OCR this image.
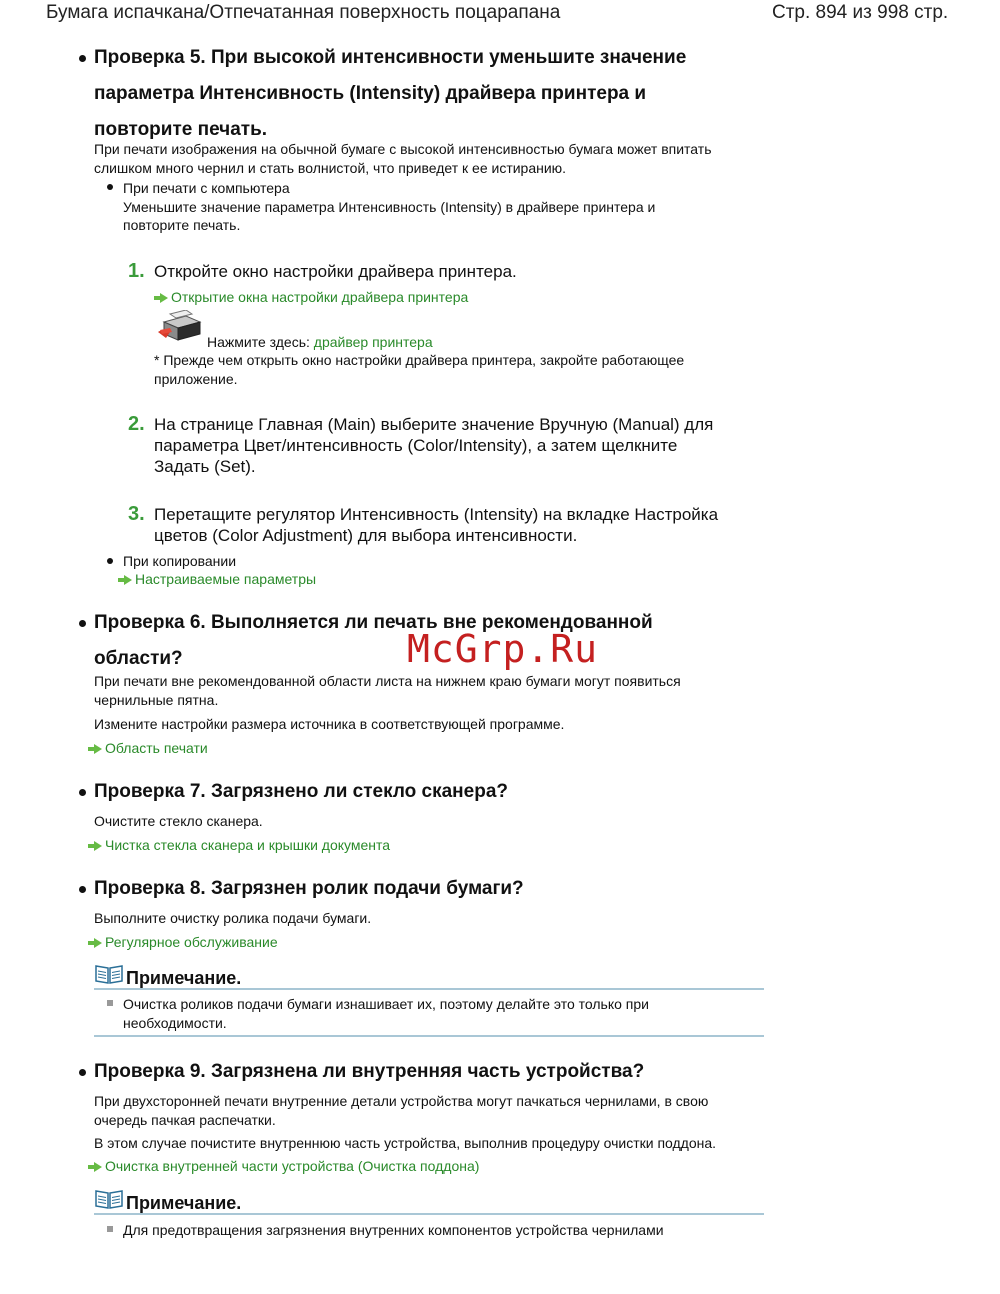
Бумага испачкана/Отпечатанная поверхность поцарапана	Стр. 894 из 998 стр.
Проверка 5. При высокой интенсивности уменьшите значение
параметра Интенсивность (Intensity) драйвера принтера и
повторите печать.
При печати изображения на обычной бумаге с высокой интенсивностью бумага может впитать
слишком много чернил и стать волнистой, что приведет к ее истиранию.
При печати с компьютера
Уменьшите значение параметра Интенсивность (Intensity) в драйвере принтера и
повторите печать.
1. Откройте окно настройки драйвера принтера.
Открытие окна настройки драйвера принтера
Нажмите здесь: драйвер принтера
* Прежде чем открыть окно настройки драйвера принтера, закройте работающее
приложение.
2. На странице Главная (Main) выберите значение Вручную (Manual) для
параметра Цвет/интенсивность (Color/Intensity), а затем щелкните
Задать (Set).
3. Перетащите регулятор Интенсивность (Intensity) на вкладке Настройка
цветов (Color Adjustment) для выбора интенсивности.
При копировании
Настраиваемые параметры
Проверка 6. Выполняется ли печать вне рекомендованной
области?	McGrp.Ru
При печати вне рекомендованной области листа на нижнем краю бумаги могут появиться
чернильные пятна.
Измените настройки размера источника в соответствующей программе.
Область печати
Проверка 7. Загрязнено ли стекло сканера?
Очистите стекло сканера.
Чистка стекла сканера и крышки документа
Проверка 8. Загрязнен ролик подачи бумаги?
Выполните очистку ролика подачи бумаги.
Регулярное обслуживание
Примечание.
Очистка роликов подачи бумаги изнашивает их, поэтому делайте это только при
необходимости.
Проверка 9. Загрязнена ли внутренняя часть устройства?
При двухсторонней печати внутренние детали устройства могут пачкаться чернилами, в свою
очередь пачкая распечатки.
В этом случае почистите внутреннюю часть устройства, выполнив процедуру очистки поддона.
Очистка внутренней части устройства (Очистка поддона)
Примечание.
Для предотвращения загрязнения внутренних компонентов устройства чернилами
